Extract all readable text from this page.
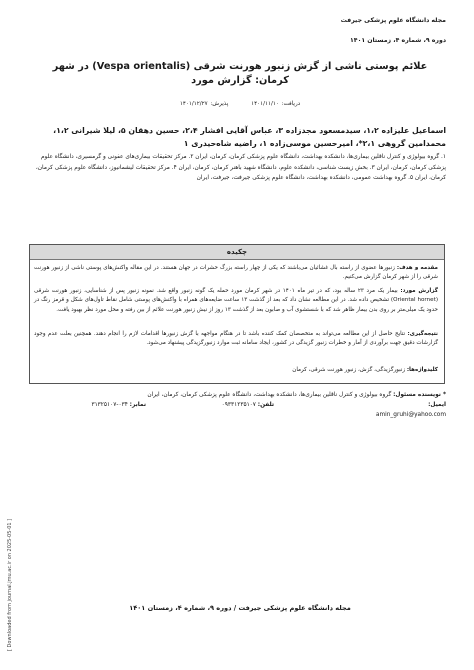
مجله دانشگاه علوم پزشکی جیرفت
دوره ۹، شماره ۴، زمستان ۱۴۰۱
علائم پوستی ناشی از گزش زنبور هورنت شرقی (Vespa orientalis) در شهر کرمان: گزارش مورد
دریافت: ۱۴۰۱/۱۱/۱۰ پذیرش: ۱۴۰۱/۱۲/۲۷
اسماعیل علیزاده ۱،۲، سیدمسعود مجدزاده ۳، عباس آقایی افشار ۲،۴، حسین دهقان ۵، لیلا شیرانی ۱،۲، محمدامین گروهی ۲،۱*، امیرحسین موسی‌زاده ۱، راضیه شاه‌حیدری ۱
۱. گروه بیولوژی و کنترل ناقلین بیماری‌ها، دانشکده بهداشت، دانشگاه علوم پزشکی کرمان، کرمان، ایران ۲. مرکز تحقیقات بیماری‌های عفونی و گرمسیری، دانشگاه علوم پزشکی کرمان، کرمان، ایران ۳. بخش زیست شناسی، دانشکده علوم، دانشگاه شهید باهنر کرمان، کرمان، ایران ۴. مرکز تحقیقات لیشمانیوز، دانشگاه علوم پزشکی کرمان، کرمان، ایران ۵. گروه بهداشت عمومی، دانشکده بهداشت، دانشگاه علوم پزشکی جیرفت، جیرفت، ایران
چکیده
مقدمه و هدف: زنبورها عضوی از راسته بال غشائیان می‌باشند که یکی از چهار راسته بزرگ حشرات در جهان هستند. در این مقاله واکنش‌های پوستی ناشی از زنبور هورنت شرقی را از شهر کرمان گزارش می‌کنیم.
گزارش مورد: بیمار یک مرد ۲۳ ساله بود، که در تیر ماه ۱۴۰۱ در شهر کرمان مورد حمله یک گونه زنبور واقع شد. نمونه زنبور پس از شناسایی، زنبور هورنت شرقی (Oriental hornet) تشخیص داده شد. در این مطالعه نشان داد که بعد از گذشت ۱۳ ساعت ضایعه‌های همراه با واکنش‌های پوستی شامل نقاط تاول‌های شکل و قرمز رنگ در حدود یک میلی‌متر بر روی بدن بیمار ظاهر شد که با شستشوی آب و صابون بعد از گذشت ۱۳ روز از نیش زنبور هورنت علائم از بین رفته و محل مورد نظر بهبود یافت.
نتیجه‌گیری: نتایج حاصل از این مطالعه می‌تواند به متخصصان کمک کننده باشد تا در هنگام مواجهه با گزش زنبورها اقدامات لازم را انجام دهند. همچنین بعلت عدم وجود گزارشات دقیق جهت برآوردی از آمار و خطرات زنبور گزیدگی در کشور، ایجاد سامانه ثبت موارد زنبورگزیدگی پیشنهاد می‌شود.
کلیدواژه‌ها: زنبورگزیدگی، گزش، زنبور هورنت شرقی، کرمان
* نویسنده مسئول: گروه بیولوژی و کنترل ناقلین بیماری‌ها، دانشکده بهداشت، دانشگاه علوم پزشکی کرمان، کرمان، ایران
ایمیل:
amin_gruhi@yahoo.com
تلفن: ۰۹۳۳۱۲۳۵۱۰۷
نمابر: ۰۳۴-۳۱۳۲۵۱۰۷
مجله دانشگاه علوم پزشکی جیرفت / دوره ۹، شماره ۴، زمستان ۱۴۰۱
[ Downloaded from journal.jmu.ac.ir on 2025-05-01 ]
